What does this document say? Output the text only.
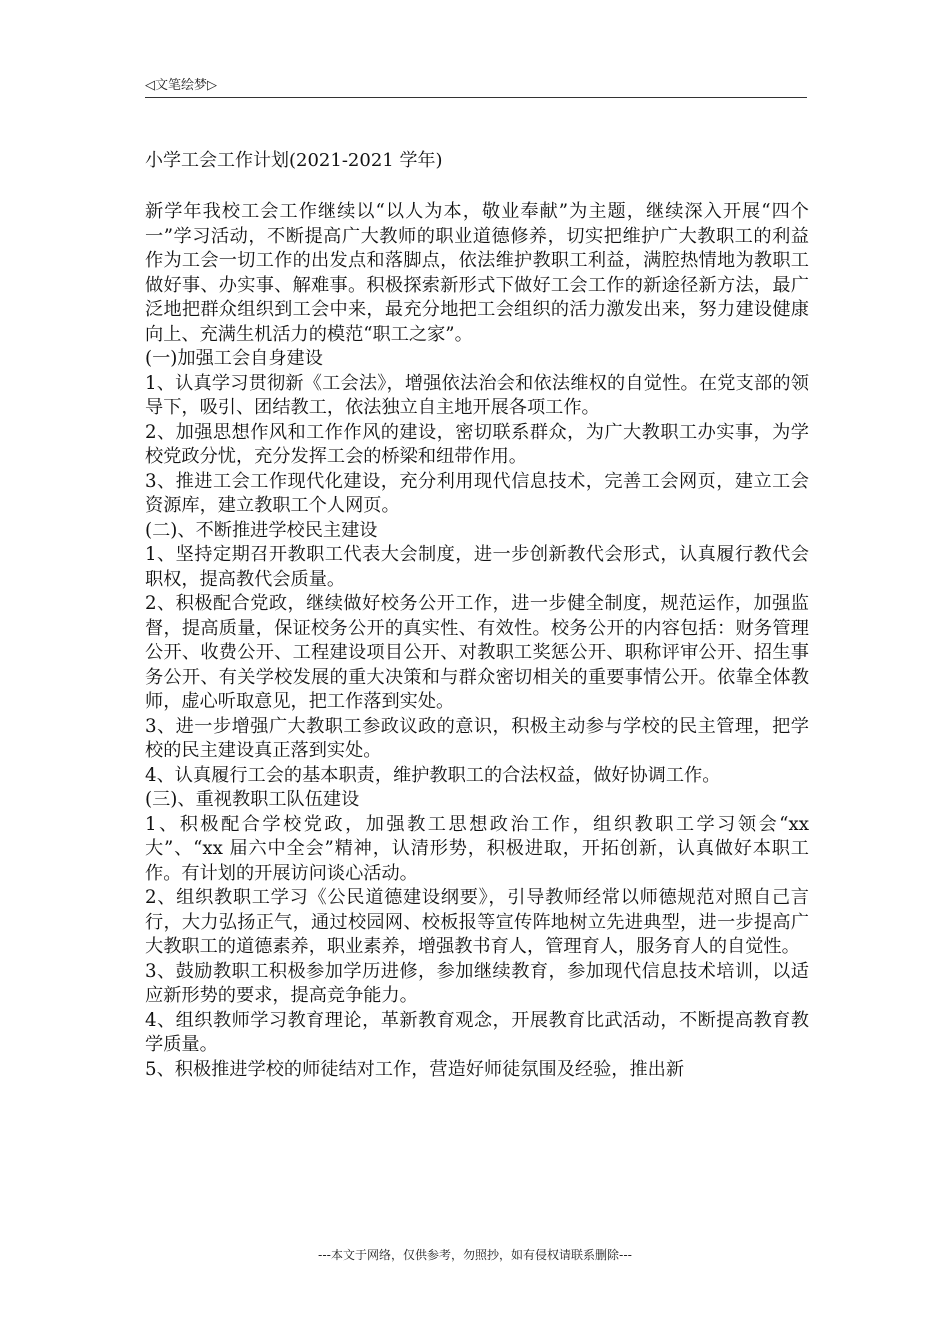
◁文笔绘梦▷
小学工会工作计划(2021-2021 学年)

新学年我校工会工作继续以“以人为本，敬业奉献”为主题，继续深入开展“四个一”学习活动，不断提高广大教师的职业道德修养，切实把维护广大教职工的利益作为工会一切工作的出发点和落脚点，依法维护教职工利益，满腔热情地为教职工做好事、办实事、解难事。积极探索新形式下做好工会工作的新途径新方法，最广泛地把群众组织到工会中来，最充分地把工会组织的活力激发出来，努力建设健康向上、充满生机活力的模范“职工之家”。

(一)加强工会自身建设

1、认真学习贯彻新《工会法》，增强依法治会和依法维权的自觉性。在党支部的领导下，吸引、团结教工，依法独立自主地开展各项工作。

2、加强思想作风和工作作风的建设，密切联系群众，为广大教职工办实事，为学校党政分忧，充分发挥工会的桥梁和纽带作用。

3、推进工会工作现代化建设，充分利用现代信息技术，完善工会网页，建立工会资源库，建立教职工个人网页。

(二)、不断推进学校民主建设

1、坚持定期召开教职工代表大会制度，进一步创新教代会形式，认真履行教代会职权，提高教代会质量。

2、积极配合党政，继续做好校务公开工作，进一步健全制度，规范运作，加强监督，提高质量，保证校务公开的真实性、有效性。校务公开的内容包括：财务管理公开、收费公开、工程建设项目公开、对教职工奖惩公开、职称评审公开、招生事务公开、有关学校发展的重大决策和与群众密切相关的重要事情公开。依靠全体教师，虚心听取意见，把工作落到实处。

3、进一步增强广大教职工参政议政的意识，积极主动参与学校的民主管理，把学校的民主建设真正落到实处。

4、认真履行工会的基本职责，维护教职工的合法权益，做好协调工作。

(三)、重视教职工队伍建设

1、积极配合学校党政，加强教工思想政治工作，组织教职工学习领会“xx 大”、“xx 届六中全会”精神，认清形势，积极进取，开拓创新，认真做好本职工作。有计划的开展访问谈心活动。

2、组织教职工学习《公民道德建设纲要》，引导教师经常以师德规范对照自己言行，大力弘扬正气，通过校园网、校板报等宣传阵地树立先进典型，进一步提高广大教职工的道德素养，职业素养，增强教书育人，管理育人，服务育人的自觉性。

3、鼓励教职工积极参加学历进修，参加继续教育，参加现代信息技术培训，以适应新形势的要求，提高竞争能力。

4、组织教师学习教育理论，革新教育观念，开展教育比武活动，不断提高教育教学质量。

5、积极推进学校的师徒结对工作，营造好师徒氛围及经验，推出新

---本文于网络，仅供参考，勿照抄，如有侵权请联系删除---
